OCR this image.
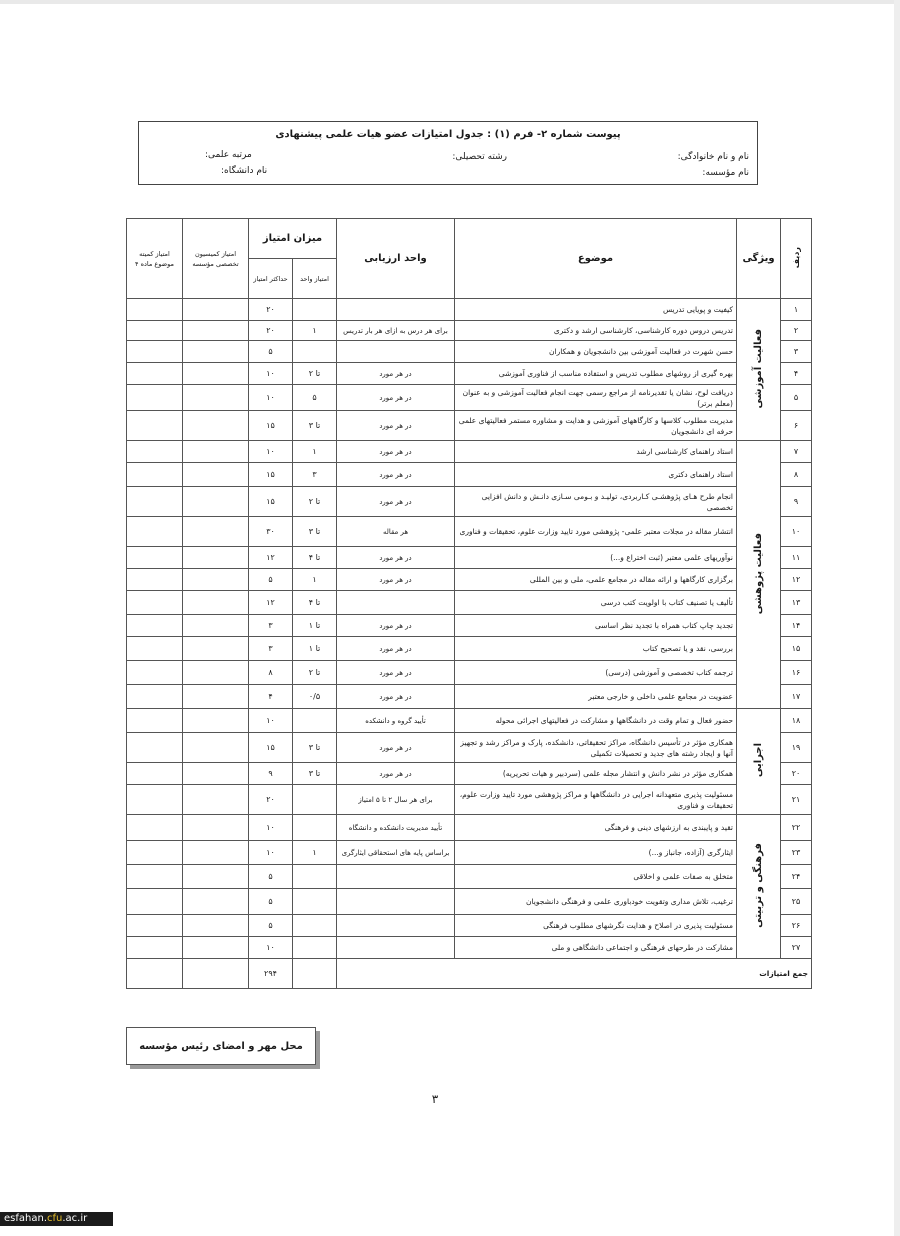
پیوست شماره ۲- فرم (۱) : جدول امتیازات عضو هیات علمی پیشنهادی
نام و نام خانوادگی:
نام مؤسسه:
رشته تحصیلی:
مرتبه علمی:
نام دانشگاه:
ردیف	ویژگی	موضوع	واحد ارزیابی	میزان امتیاز		امتیاز کمیسیون تخصصی مؤسسه	امتیاز کمیته موضوع ماده ۴
				امتیاز واحد	حداکثر امتیاز		
۱	فعالیت آموزشی	کیفیت و پویایی تدریس			۲۰		
۲		تدریس دروس دوره کارشناسی، کارشناسی ارشد و دکتری	برای هر درس به ازای هر بار تدریس	۱	۲۰		
۳		حسن شهرت در فعالیت آموزشی بین دانشجویان و همکاران			۵		
۴		بهره گیری از روشهای مطلوب تدریس و استفاده مناسب از فناوری آموزشی	در هر مورد	تا ۲	۱۰		
۵		دریافت لوح، نشان یا تقدیرنامه از مراجع رسمی جهت انجام فعالیت آموزشی و به عنوان (معلم برتر)	در هر مورد	۵	۱۰		
۶		مدیریت مطلوب کلاسها و کارگاههای آموزشی و هدایت و مشاوره مستمر فعالیتهای علمی حرفه ای دانشجویان	در هر مورد	تا ۳	۱۵		
۷	فعالیت پژوهشی	استاد راهنمای کارشناسی ارشد	در هر مورد	۱	۱۰		
۸		استاد راهنمای دکتری	در هر مورد	۳	۱۵		
۹		انجام طرح هـای پژوهشـی کـاربردی، تولیـد و بـومی سـازی دانـش و دانش افزایی تخصصی	در هر مورد	تا ۲	۱۵		
۱۰		انتشار مقاله در مجلات معتبر علمی- پژوهشی مورد تایید وزارت علوم، تحقیقات و فناوری	هر مقاله	تا ۳	۳۰		
۱۱		نوآوریهای علمی معتبر (ثبت اختراع و...)	در هر مورد	تا ۴	۱۲		
۱۲		برگزاری کارگاهها و ارائه مقاله در مجامع علمی، ملی و بین المللی	در هر مورد	۱	۵		
۱۳		تألیف یا تصنیف کتاب با اولویت کتب درسی		تا ۴	۱۲		
۱۴		تجدید چاپ کتاب همراه با تجدید نظر اساسی	در هر مورد	تا ۱	۳		
۱۵		بررسی، نقد و یا تصحیح کتاب	در هر مورد	تا ۱	۳		
۱۶		ترجمه کتاب تخصصی و آموزشی (درسی)	در هر مورد	تا ۲	۸		
۱۷		عضویت در مجامع علمی داخلی و خارجی معتبر	در هر مورد	۰/۵	۴		
۱۸	اجرایی	حضور فعال و تمام وقت در دانشگاهها و مشارکت در فعالیتهای اجرائی محوله	تأیید گروه و دانشکده		۱۰		
۱۹		همکاری مؤثر در تأسیس دانشگاه، مراکز تحقیقاتی، دانشکده، پارک و مراکز رشد و تجهیز آنها و ایجاد رشته های جدید و تحصیلات تکمیلی	در هر مورد	تا ۳	۱۵		
۲۰		همکاری مؤثر در نشر دانش و انتشار مجله علمی (سردبیر و هیات تحریریه)	در هر مورد	تا ۳	۹		
۲۱		مسئولیت پذیری متعهدانه اجرایی در دانشگاهها و مراکز پژوهشی مورد تایید وزارت علوم، تحقیقات و فناوری	برای هر سال ۲ تا ۵ امتیاز		۲۰		
۲۲	فرهنگی و تربیتی	تقید و پایبندی به ارزشهای دینی و فرهنگی	تأیید مدیریت دانشکده و دانشگاه		۱۰		
۲۳		ایثارگری (آزاده، جانباز و...)	براساس پایه های استحقاقی ایثارگری	۱	۱۰		
۲۴		متخلق به صفات علمی و اخلاقی			۵		
۲۵		ترغیب، تلاش مداری وتقویت خودباوری علمی و فرهنگی دانشجویان			۵		
۲۶		مسئولیت پذیری در اصلاح و هدایت نگرشهای مطلوب فرهنگی			۵		
۲۷		مشارکت در طرحهای فرهنگی و اجتماعی دانشگاهی و ملی			۱۰		
جمع امتیازات					۲۹۴		
محل مهر و امضای رئیس مؤسسه
۳
esfahan.cfu.ac.ir
